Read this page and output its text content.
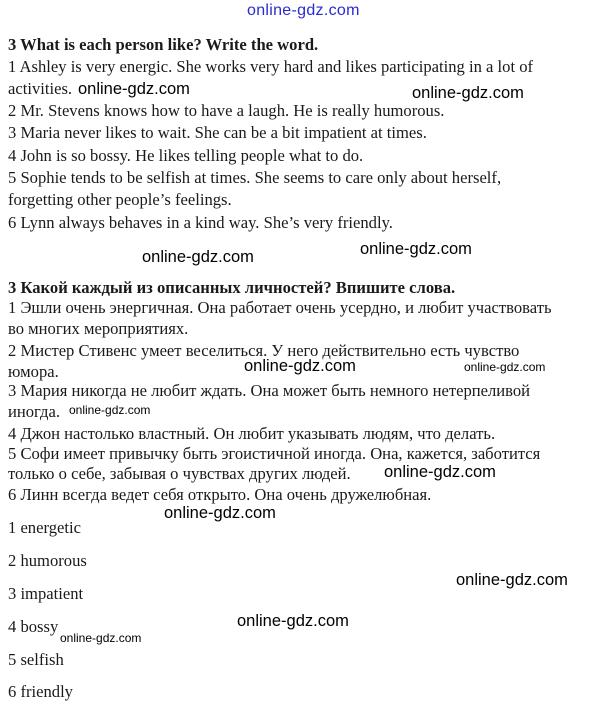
online-gdz.com
3 What is each person like? Write the word.
1 Ashley is very energic. She works very hard and likes participating in a lot of
activities.
2 Mr. Stevens knows how to have a laugh. He is really humorous.
3 Maria never likes to wait. She can be a bit impatient at times.
4 John is so bossy. He likes telling people what to do.
5 Sophie tends to be selfish at times. She seems to care only about herself,
forgetting other people’s feelings.
6 Lynn always behaves in a kind way. She’s very friendly.
3 Какой каждый из описанных личностей? Впишите слова.
1 Эшли очень энергичная. Она работает очень усердно, и любит участвовать
во многих мероприятиях.
2 Мистер Стивенс умеет веселиться. У него действительно есть чувство
юмора.
3 Мария никогда не любит ждать. Она может быть немного нетерпеливой
иногда.
4 Джон настолько властный. Он любит указывать людям, что делать.
5 Софи имеет привычку быть эгоистичной иногда. Она, кажется, заботится
только о себе, забывая о чувствах других людей.
6 Линн всегда ведет себя открыто. Она очень дружелюбная.
1 energetic
2 humorous
3 impatient
4 bossy
5 selfish
6 friendly
online-gdz.com	online-gdz.com
online-gdz.com	online-gdz.com
online-gdz.com	online-gdz.com
online-gdz.com
online-gdz.com
online-gdz.com
online-gdz.com
online-gdz.com
online-gdz.com
